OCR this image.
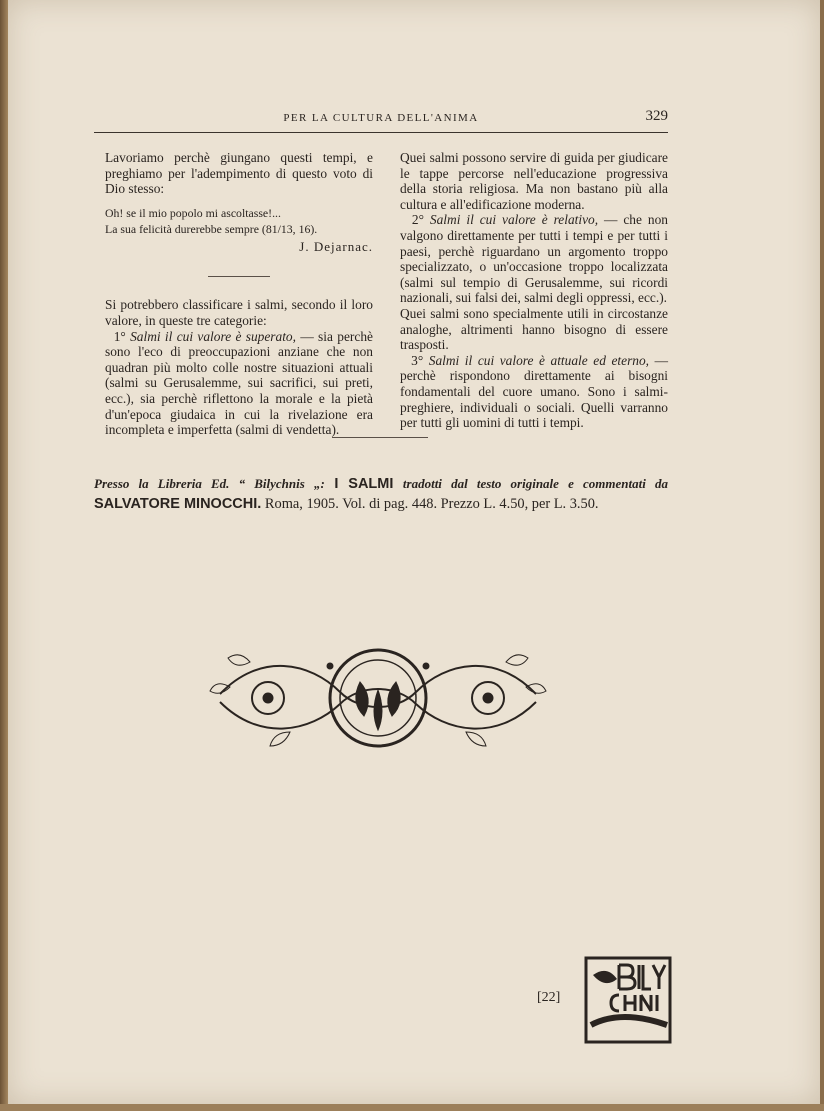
PER LA CULTURA DELL'ANIMA	329

Lavoriamo perchè giungano questi tempi, e preghiamo per l'adempimento di questo voto di Dio stesso:

Oh! se il mio popolo mi ascoltasse!...
La sua felicità durerebbe sempre (81/13, 16).
J. Dejarnac.

Si potrebbero classificare i salmi, secondo il loro valore, in queste tre categorie:

1° Salmi il cui valore è superato, — sia perchè sono l'eco di preoccupazioni anziane che non quadran più molto colle nostre situazioni attuali (salmi su Gerusalemme, sui sacrifici, sui preti, ecc.), sia perchè riflettono la morale e la pietà d'un'epoca giudaica in cui la rivelazione era incompleta e imperfetta (salmi di vendetta).

Quei salmi possono servire di guida per giudicare le tappe percorse nell'educazione progressiva della storia religiosa. Ma non bastano più alla cultura e all'edificazione moderna.

2° Salmi il cui valore è relativo, — che non valgono direttamente per tutti i tempi e per tutti i paesi, perchè riguardano un argomento troppo specializzato, o un'occasione troppo localizzata (salmi sul tempio di Gerusalemme, sui ricordi nazionali, sui falsi dei, salmi degli oppressi, ecc.).

Quei salmi sono specialmente utili in circostanze analoghe, altrimenti hanno bisogno di essere trasposti.

3° Salmi il cui valore è attuale ed eterno, — perchè rispondono direttamente ai bisogni fondamentali del cuore umano. Sono i salmi-preghiere, individuali o sociali. Quelli varranno per tutti gli uomini di tutti i tempi.

Presso la Libreria Ed. “ Bilychnis „: I SALMI tradotti dal testo originale e commentati da SALVATORE MINOCCHI. Roma, 1905. Vol. di pag. 448. Prezzo L. 4.50, per L. 3.50.
[22]
